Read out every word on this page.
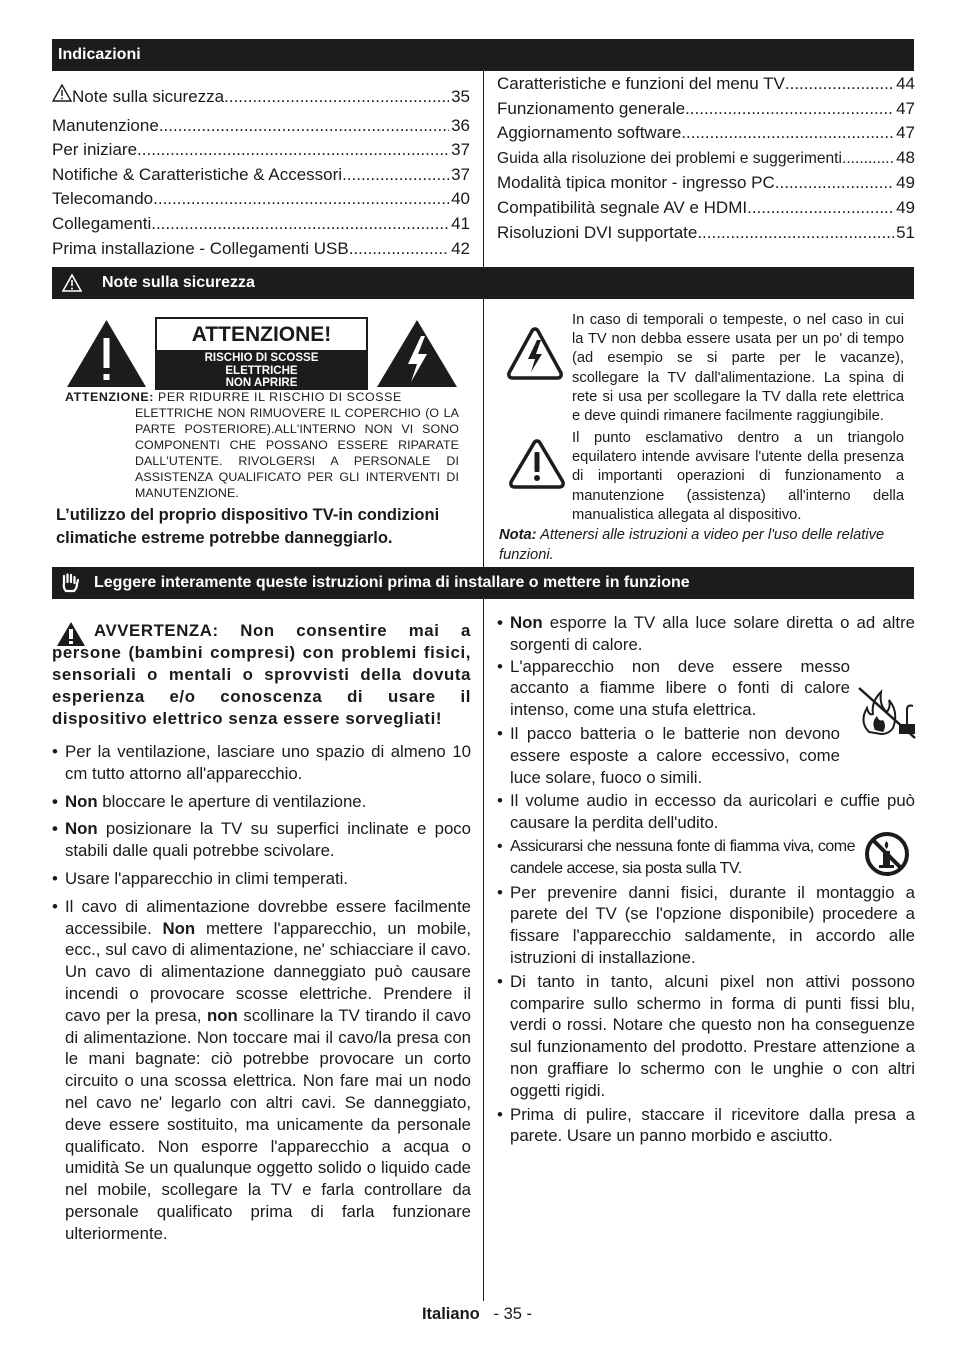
Indicazioni
Note sulla sicurezza .....	35
Manutenzione .....	36
Per iniziare .....	37
Notifiche & Caratteristiche & Accessori .....	37
Telecomando .....	40
Collegamenti .....	41
Prima installazione - Collegamenti USB .....	42
Caratteristiche e funzioni del menu TV .....	44
Funzionamento generale .....	47
Aggiornamento software .....	47
Guida alla risoluzione dei problemi e suggerimenti .....	48
Modalità tipica monitor - ingresso PC .....	49
Compatibilità segnale AV e HDMI .....	49
Risoluzioni DVI supportate .....	51
Note sulla sicurezza
ATTENZIONE!
RISCHIO DI SCOSSE
ELETTRICHE
NON APRIRE
ATTENZIONE: PER RIDURRE IL RISCHIO DI SCOSSE
ELETTRICHE NON RIMUOVERE IL COPERCHIO (O LA PARTE POSTERIORE).ALL'INTERNO NON VI SONO COMPONENTI CHE POSSANO ESSERE RIPARATE DALL'UTENTE. RIVOLGERSI A PERSONALE DI ASSISTENZA QUALIFICATO PER GLI INTERVENTI DI MANUTENZIONE.
L’utilizzo del proprio dispositivo TV-in condizioni climatiche estreme potrebbe danneggiarlo.
In caso di temporali o tempeste, o nel caso in cui la TV non debba essere usata per un po' di tempo (ad esempio se si parte per le vacanze), scollegare la TV dall'alimentazione. La spina di rete si usa per scollegare la TV dalla rete elettrica e deve quindi rimanere facilmente raggiungibile.
Il punto esclamativo dentro a un triangolo equilatero intende avvisare l'utente della presenza di importanti operazioni di funzionamento a manutenzione (assistenza) all'interno della manualistica allegata al dispositivo.
Nota: Attenersi alle istruzioni a video per l'uso delle relative funzioni.
Leggere interamente queste istruzioni prima di installare o mettere in funzione
AVVERTENZA: Non consentire mai a persone (bambini compresi) con problemi fisici, sensoriali o mentali o sprovvisti della dovuta esperienza e/o conoscenza di usare il dispositivo elettrico senza essere sorvegliati!
• Per la ventilazione, lasciare uno spazio di almeno 10 cm tutto attorno all'apparecchio.
• Non bloccare le aperture di ventilazione.
• Non posizionare la TV su superfici inclinate e poco stabili dalle quali potrebbe scivolare.
• Usare l'apparecchio in climi temperati.
• Il cavo di alimentazione dovrebbe essere facilmente accessibile. Non mettere l'apparecchio, un mobile, ecc., sul cavo di alimentazione, ne' schiacciare il cavo. Un cavo di alimentazione danneggiato può causare incendi o provocare scosse elettriche. Prendere il cavo per la presa, non scollinare la TV tirando il cavo di alimentazione. Non toccare mai il cavo/la presa con le mani bagnate: ciò potrebbe provocare un corto circuito o una scossa elettrica. Non fare mai un nodo nel cavo ne' legarlo con altri cavi. Se danneggiato, deve essere sostituito, ma unicamente da personale qualificato. Non esporre l'apparecchio a acqua o umidità Se un qualunque oggetto solido o liquido cade nel mobile, scollegare la TV e farla controllare da personale qualificato prima di farla funzionare ulteriormente.
• Non esporre la TV alla luce solare diretta o ad altre sorgenti di calore.
• L'apparecchio non deve essere messo accanto a fiamme libere o fonti di calore intenso, come una stufa elettrica.
• Il pacco batteria o le batterie non devono essere esposte a calore eccessivo, come luce solare, fuoco o simili.
• Il volume audio in eccesso da auricolari e cuffie può causare la perdita dell'udito.
• Assicurarsi che nessuna fonte di fiamma viva, come candele accese, sia posta sulla TV.
• Per prevenire danni fisici, durante il montaggio a parete del TV (se l'opzione disponibile) procedere a fissare l'apparecchio saldamente, in accordo alle istruzioni di installazione.
• Di tanto in tanto, alcuni pixel non attivi possono comparire sullo schermo in forma di punti fissi blu, verdi o rossi. Notare che questo non ha conseguenze sul funzionamento del prodotto. Prestare attenzione a non graffiare lo schermo con le unghie o con altri oggetti rigidi.
• Prima di pulire, staccare il ricevitore dalla presa a parete. Usare un panno morbido e asciutto.
Italiano - 35 -
